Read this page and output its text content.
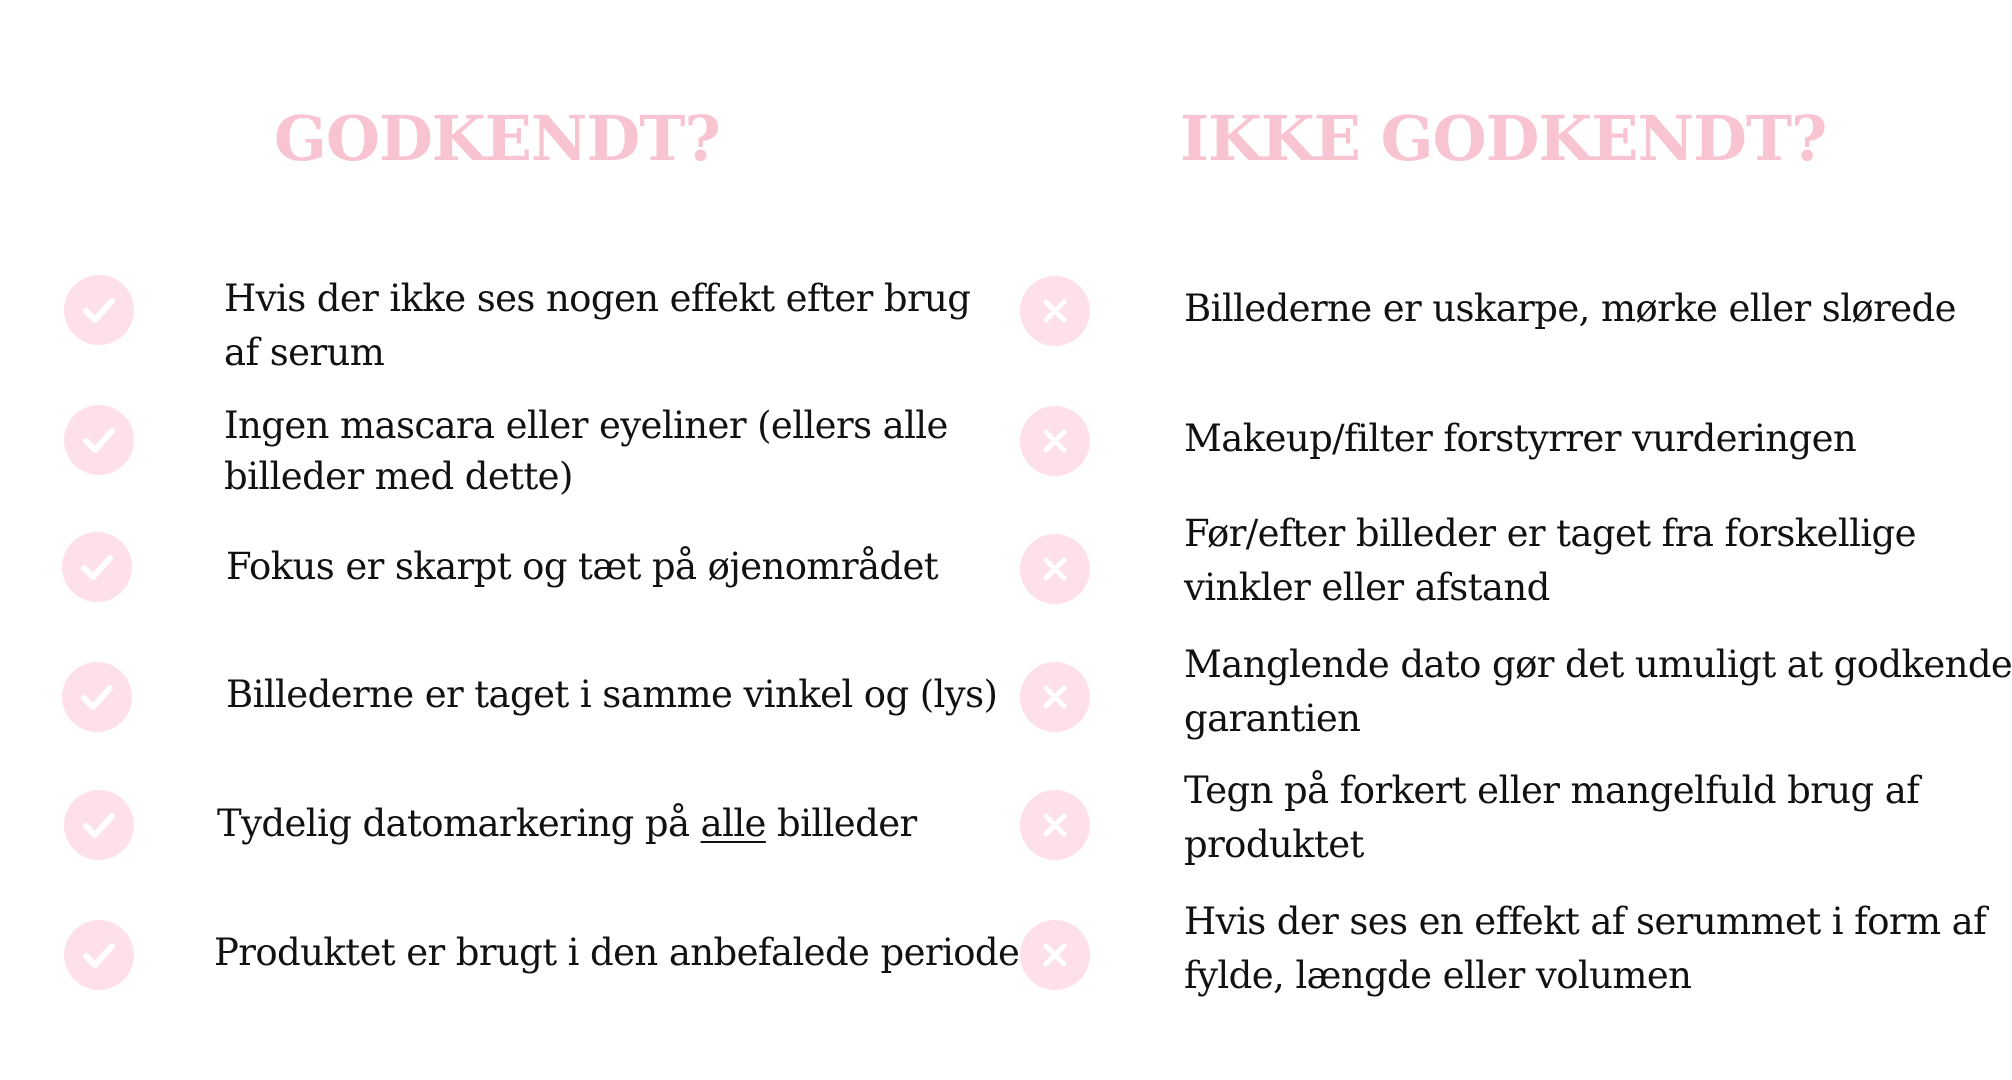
GODKENDT?	IKKE GODKENDT?
Hvis der ikke ses nogen effekt efter brug
af serum
Ingen mascara eller eyeliner (ellers alle
billeder med dette)
Fokus er skarpt og tæt på øjenområdet
Billederne er taget i samme vinkel og (lys)
Tydelig datomarkering på alle billeder
Produktet er brugt i den anbefalede periode
Billederne er uskarpe, mørke eller slørede
Makeup/filter forstyrrer vurderingen
Før/efter billeder er taget fra forskellige
vinkler eller afstand
Manglende dato gør det umuligt at godkende
garantien
Tegn på forkert eller mangelfuld brug af
produktet
Hvis der ses en effekt af serummet i form af
fylde, længde eller volumen
